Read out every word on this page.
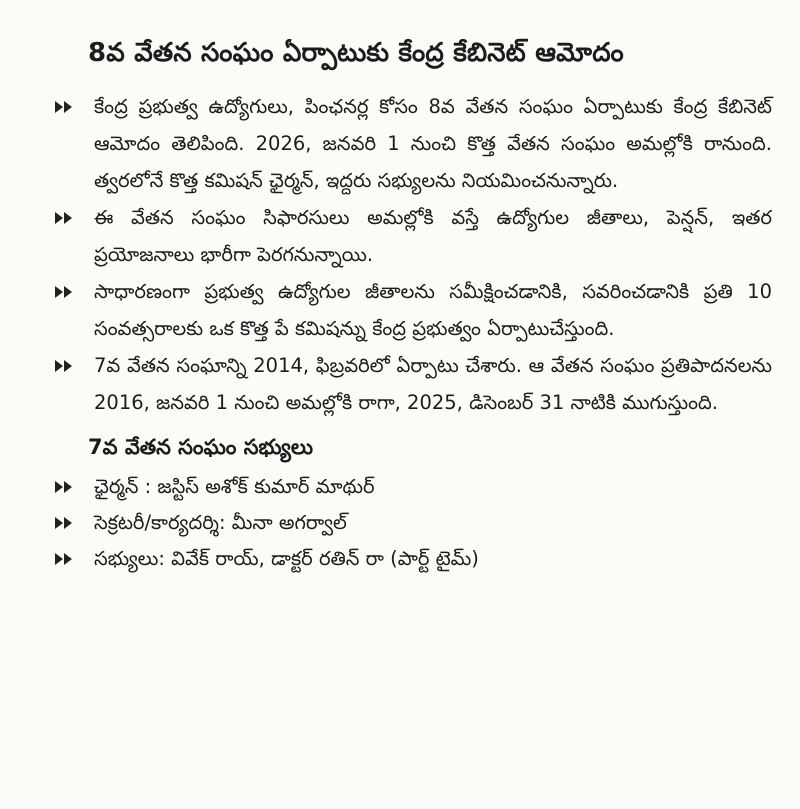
8వ వేతన సంఘం ఏర్పాటుకు కేంద్ర కేబినెట్ ఆమోదం
కేంద్ర ప్రభుత్వ ఉద్యోగులు, పింఛనర్ల కోసం 8వ వేతన సంఘం ఏర్పాటుకు కేంద్ర కేబినెట్ ఆమోదం తెలిపింది. 2026, జనవరి 1 నుంచి కొత్త వేతన సంఘం అమల్లోకి రానుంది. త్వరలోనే కొత్త కమిషన్ ఛైర్మన్, ఇద్దరు సభ్యులను నియమించనున్నారు.
ఈ వేతన సంఘం సిఫారసులు అమల్లోకి వస్తే ఉద్యోగుల జీతాలు, పెన్షన్, ఇతర ప్రయోజనాలు భారీగా పెరగనున్నాయి.
సాధారణంగా ప్రభుత్వ ఉద్యోగుల జీతాలను సమీక్షించడానికి, సవరించడానికి ప్రతి 10 సంవత్సరాలకు ఒక కొత్త పే కమిషన్ను కేంద్ర ప్రభుత్వం ఏర్పాటుచేస్తుంది.
7వ వేతన సంఘాన్ని 2014, ఫిబ్రవరిలో ఏర్పాటు చేశారు. ఆ వేతన సంఘం ప్రతిపాదనలను 2016, జనవరి 1 నుంచి అమల్లోకి రాగా, 2025, డిసెంబర్ 31 నాటికి ముగుస్తుంది.
7వ వేతన సంఘం సభ్యులు
ఛైర్మన్ : జస్టిస్ అశోక్ కుమార్ మాథుర్
సెక్రటరీ/కార్యదర్శి: మీనా అగర్వాల్
సభ్యులు: వివేక్ రాయ్, డాక్టర్ రతిన్ రా (పార్ట్ టైమ్)
